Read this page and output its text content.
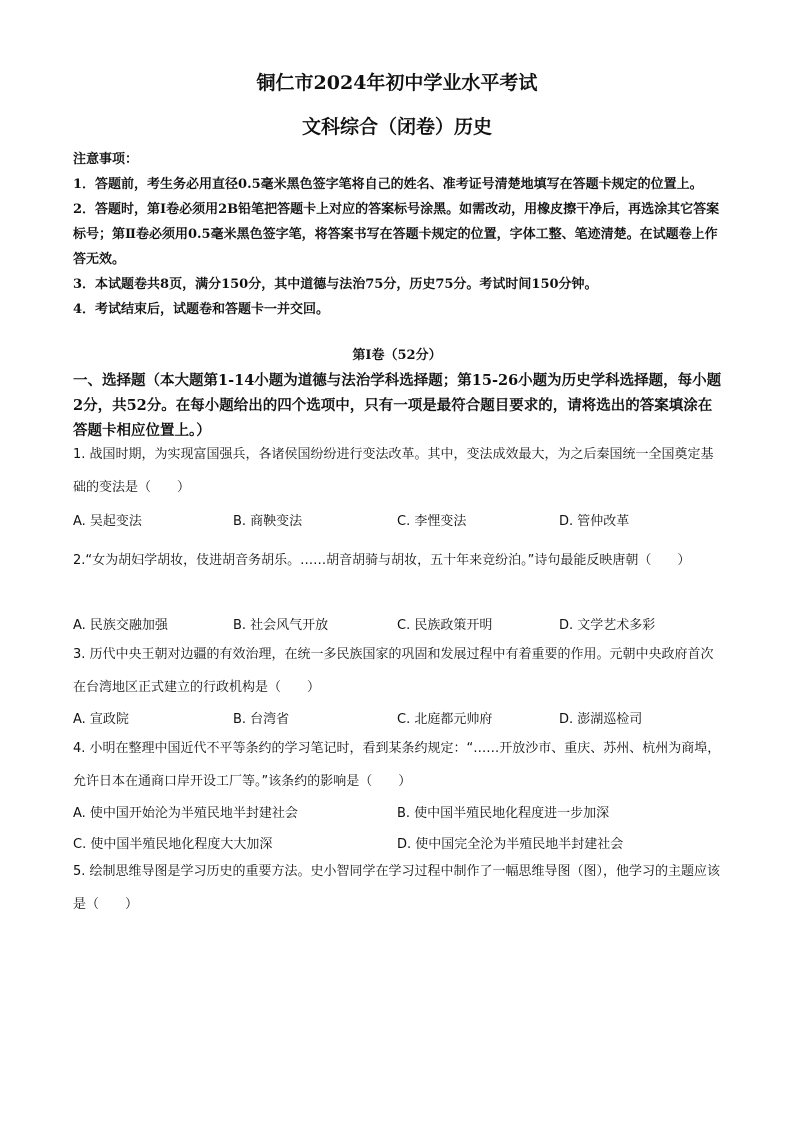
铜仁市2024年初中学业水平考试
文科综合（闭卷）历史

注意事项：

1．答题前，考生务必用直径0.5毫米黑色签字笔将自己的姓名、准考证号清楚地填写在答题卡规定的位置上。

2．答题时，第Ⅰ卷必须用2B铅笔把答题卡上对应的答案标号涂黑。如需改动，用橡皮擦干净后，再选涂其它答案标号；第Ⅱ卷必须用0.5毫米黑色签字笔，将答案书写在答题卡规定的位置，字体工整、笔迹清楚。在试题卷上作答无效。

3．本试题卷共8页，满分150分，其中道德与法治75分，历史75分。考试时间150分钟。

4．考试结束后，试题卷和答题卡一并交回。

第Ⅰ卷（52分）
一、选择题（本大题第1-14小题为道德与法治学科选择题；第15-26小题为历史学科选择题，每小题2分，共52分。在每小题给出的四个选项中，只有一项是最符合题目要求的，请将选出的答案填涂在答题卡相应位置上。）
1. 战国时期，为实现富国强兵，各诸侯国纷纷进行变法改革。其中，变法成效最大，为之后秦国统一全国奠定基础的变法是（　　）
A. 吴起变法	B. 商鞅变法	C. 李悝变法	D. 管仲改革
2.“女为胡妇学胡妆，伎进胡音务胡乐。……胡音胡骑与胡妆，五十年来竞纷泊。”诗句最能反映唐朝（　　）
A. 民族交融加强	B. 社会风气开放	C. 民族政策开明	D. 文学艺术多彩
3. 历代中央王朝对边疆的有效治理，在统一多民族国家的巩固和发展过程中有着重要的作用。元朝中央政府首次在台湾地区正式建立的行政机构是（　　）
A. 宣政院	B. 台湾省	C. 北庭都元帅府	D. 澎湖巡检司
4. 小明在整理中国近代不平等条约的学习笔记时，看到某条约规定：“……开放沙市、重庆、苏州、杭州为商埠，允许日本在通商口岸开设工厂等。”该条约的影响是（　　）
A. 使中国开始沦为半殖民地半封建社会	B. 使中国半殖民地化程度进一步加深
C. 使中国半殖民地化程度大大加深	D. 使中国完全沦为半殖民地半封建社会
5. 绘制思维导图是学习历史的重要方法。史小智同学在学习过程中制作了一幅思维导图（图），他学习的主题应该是（　　）
